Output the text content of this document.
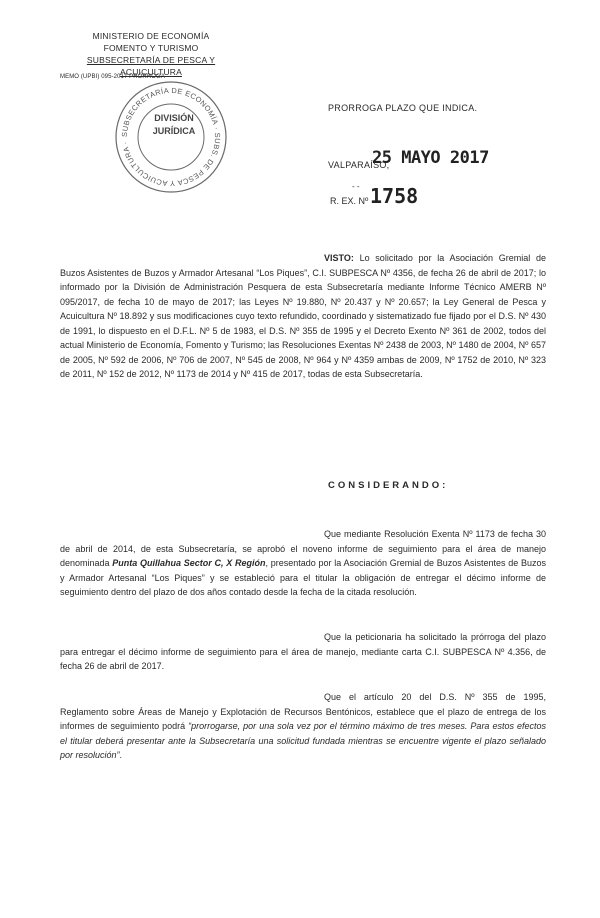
MINISTERIO DE ECONOMÍA
FOMENTO Y TURISMO
SUBSECRETARÍA DE PESCA Y ACUICULTURA
MEMO (UPBI) 095-2017 PRÓRROGA
SUBSECRETARÍA DE ECONOMÍA · SUBS. DE PESCA Y ACUICULTURA ·
DIVISIÓN
JURÍDICA
PRORROGA PLAZO QUE INDICA.
VALPARAÍSO,
25 MAYO 2017
- -
R. EX. Nº 1758
VISTO: Lo solicitado por la Asociación Gremial de Buzos Asistentes de Buzos y Armador Artesanal “Los Piques”, C.I. SUBPESCA Nº 4356, de fecha 26 de abril de 2017; lo informado por la División de Administración Pesquera de esta Subsecretaría mediante Informe Técnico AMERB Nº 095/2017, de fecha 10 de mayo de 2017; las Leyes Nº 19.880, Nº 20.437 y Nº 20.657; la Ley General de Pesca y Acuicultura Nº 18.892 y sus modificaciones cuyo texto refundido, coordinado y sistematizado fue fijado por el D.S. Nº 430 de 1991, lo dispuesto en el D.F.L. Nº 5 de 1983, el D.S. Nº 355 de 1995 y el Decreto Exento Nº 361 de 2002, todos del actual Ministerio de Economía, Fomento y Turismo; las Resoluciones Exentas Nº 2438 de 2003, Nº 1480 de 2004, Nº 657 de 2005, Nº 592 de 2006, Nº 706 de 2007, Nº 545 de 2008, Nº 964 y Nº 4359 ambas de 2009, Nº 1752 de 2010, Nº 323 de 2011, Nº 152 de 2012, Nº 1173 de 2014 y Nº 415 de 2017, todas de esta Subsecretaría.
CONSIDERANDO:
Que mediante Resolución Exenta Nº 1173 de fecha 30 de abril de 2014, de esta Subsecretaría, se aprobó el noveno informe de seguimiento para el área de manejo denominada Punta Quillahua Sector C, X Región, presentado por la Asociación Gremial de Buzos Asistentes de Buzos y Armador Artesanal “Los Piques” y se estableció para el titular la obligación de entregar el décimo informe de seguimiento dentro del plazo de dos años contado desde la fecha de la citada resolución.
Que la peticionaria ha solicitado la prórroga del plazo para entregar el décimo informe de seguimiento para el área de manejo, mediante carta C.I. SUBPESCA Nº 4.356, de fecha 26 de abril de 2017.
Que el artículo 20 del D.S. Nº 355 de 1995, Reglamento sobre Áreas de Manejo y Explotación de Recursos Bentónicos, establece que el plazo de entrega de los informes de seguimiento podrá “prorrogarse, por una sola vez por el término máximo de tres meses. Para estos efectos el titular deberá presentar ante la Subsecretaría una solicitud fundada mientras se encuentre vigente el plazo señalado por resolución”.
